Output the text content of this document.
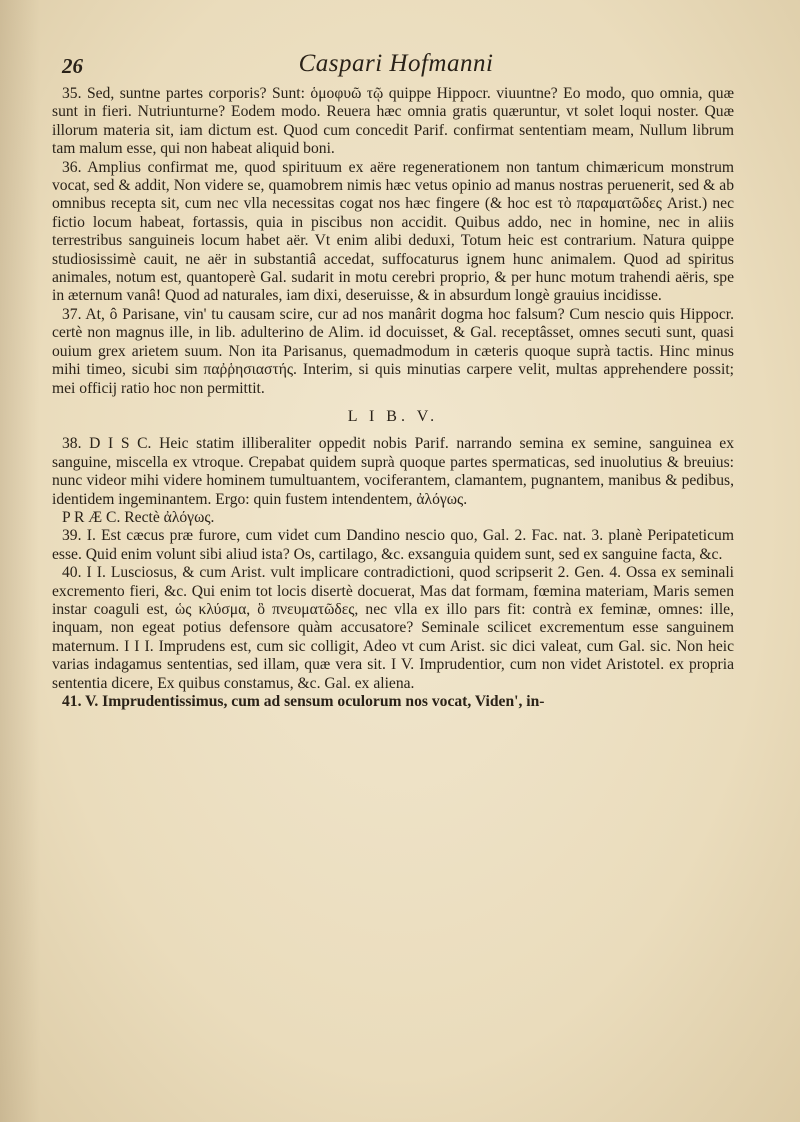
26	Caspari Hofmanni

35. Sed, suntne partes corporis? Sunt: ὁμοφυῶ τῷ quippe Hippocr. viuuntne? Eo modo, quo omnia, quæ sunt in fieri. Nutriunturne? Eodem modo. Reuera hæc omnia gratis quæruntur, vt solet loqui noster. Quæ illorum materia sit, iam dictum est. Quod cum concedit Parif. confirmat sententiam meam, Nullum librum tam malum esse, qui non habeat aliquid boni.

36. Amplius confirmat me, quod spirituum ex aëre regenerationem non tantum chimæricum monstrum vocat, sed & addit, Non videre se, quamobrem nimis hæc vetus opinio ad manus nostras peruenerit, sed & ab omnibus recepta sit, cum nec vlla necessitas cogat nos hæc fingere (& hoc est τὸ παραματῶδες Arist.) nec fictio locum habeat, fortassis, quia in piscibus non accidit. Quibus addo, nec in homine, nec in aliis terrestribus sanguineis locum habet aër. Vt enim alibi deduxi, Totum heic est contrarium. Natura quippe studiosissimè cauit, ne aër in substantiâ accedat, suffocaturus ignem hunc animalem. Quod ad spiritus animales, notum est, quantoperè Gal. sudarit in motu cerebri proprio, & per hunc motum trahendi aëris, spe in æternum vanâ! Quod ad naturales, iam dixi, deseruisse, & in absurdum longè grauius incidisse.

37. At, ô Parisane, vin' tu causam scire, cur ad nos manârit dogma hoc falsum? Cum nescio quis Hippocr. certè non magnus ille, in lib. adulterino de Alim. id docuisset, & Gal. receptâsset, omnes secuti sunt, quasi ouium grex arietem suum. Non ita Parisanus, quemadmodum in cæteris quoque suprà tactis. Hinc minus mihi timeo, sicubi sim παῤῥησιαστής. Interim, si quis minutias carpere velit, multas apprehendere possit; mei officij ratio hoc non permittit.

L I B. V.

38. D I S C. Heic statim illiberaliter oppedit nobis Parif. narrando semina ex semine, sanguinea ex sanguine, miscella ex vtroque. Crepabat quidem suprà quoque partes spermaticas, sed inuolutius & breuius: nunc videor mihi videre hominem tumultuantem, vociferantem, clamantem, pugnantem, manibus & pedibus, identidem ingeminantem. Ergo: quin fustem intendentem, ἀλόγως.

P R Æ C. Rectè ἀλόγως.

39. I. Est cæcus præ furore, cum videt cum Dandino nescio quo, Gal. 2. Fac. nat. 3. planè Peripateticum esse. Quid enim volunt sibi aliud ista? Os, cartilago, &c. exsanguia quidem sunt, sed ex sanguine facta, &c.

40. I I. Lusciosus, & cum Arist. vult implicare contradictioni, quod scripserit 2. Gen. 4. Ossa ex seminali excremento fieri, &c. Qui enim tot locis disertè docuerat, Mas dat formam, fœmina materiam, Maris semen instar coaguli est, ὡς κλύσμα, ὃ πνευματῶδες, nec vlla ex illo pars fit: contrà ex feminæ, omnes: ille, inquam, non egeat potius defensore quàm accusatore? Seminale scilicet excrementum esse sanguinem maternum. I I I. Imprudens est, cum sic colligit, Adeo vt cum Arist. sic dici valeat, cum Gal. sic. Non heic varias indagamus sententias, sed illam, quæ vera sit. I V. Imprudentior, cum non videt Aristotel. ex propria sententia dicere, Ex quibus constamus, &c. Gal. ex aliena.

41. V. Imprudentissimus, cum ad sensum oculorum nos vocat, Viden', in-
